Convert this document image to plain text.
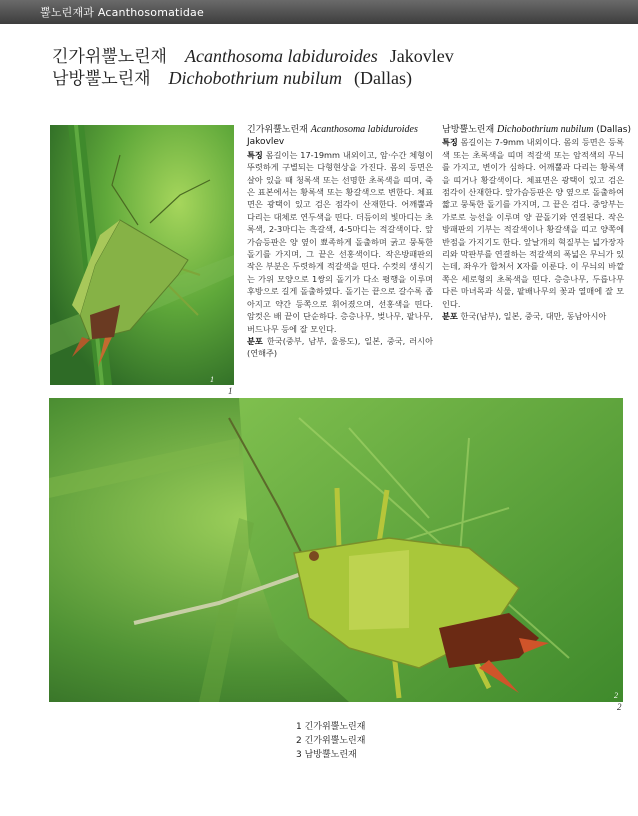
뿔노린재과 Acanthosomatidae
긴가위뿔노린재 Acanthosoma labiduroides Jakovlev
남방뿔노린재 Dichobothrium nubilum (Dallas)
1
2
1
2
긴가위뿔노린재 Acanthosoma labiduroides
Jakovlev

특징 몸길이는 17-19mm 내외이고, 암·수간 체형이 뚜렷하게 구별되는 다형현상을 가진다. 몸의 등면은 살아 있을 때 청록색 또는 선명한 초록색을 띠며, 죽은 표본에서는 황록색 또는 황갈색으로 변한다. 체표면은 광택이 있고 검은 점각이 산재한다. 어깨뿔과 다리는 대체로 연두색을 띤다. 더듬이의 빛마디는 초록색, 2-3마디는 흑갈색, 4-5마디는 적갈색이다. 앞가슴등판은 양 옆이 뾰족하게 돌출하며 굵고 뭉툭한 돌기를 가지며, 그 끝은 선홍색이다. 작은방패판의 작은 부분은 두렷하게 적갈색을 띤다. 수컷의 생식기는 가위 모양으로 1쌍의 돌기가 다소 평행을 이루며 후방으로 길게 돌출하였다. 돌기는 끝으로 갈수록 좁아지고 약간 등쪽으로 휘어졌으며, 선홍색을 띤다. 암컷은 배 끝이 단순하다. 층층나무, 벚나무, 팥나무, 버드나무 등에 잘 모인다.

분포 한국(중부, 남부, 울릉도), 일본, 중국, 러시아(연해주)

남방뿔노린재 Dichobothrium nubilum (Dallas)

특징 몸길이는 7-9mm 내외이다. 몸의 등면은 등록색 또는 초록색을 띠며 적갈색 또는 암적색의 무늬를 가지고, 변이가 심하다. 어깨뿔과 다리는 황록색을 띠거나 황갈색이다. 체표면은 광택이 있고 검은 점각이 산재한다. 앞가슴등판은 양 옆으로 돌출하여 짧고 뭉툭한 돌기를 가지며, 그 끝은 검다. 중앙부는 가로로 능선을 이루며 양 끝돌기와 연결된다. 작은방패판의 기부는 적갈색이나 황갈색을 띠고 양쪽에 반점을 가지기도 한다. 앞날개의 혁질부는 넓가장자리와 막판부를 연결하는 적갈색의 폭넓은 무늬가 있는데, 좌우가 합쳐서 X자를 이룬다. 이 무늬의 바깥쪽은 세로형의 초록색을 띤다. 층층나무, 두릅나무 다른 마녀목과 식물, 팥배나무의 꽃과 열매에 잘 모인다.

분포 한국(남부), 일본, 중국, 대만, 동남아시아

1 긴가위뿔노린재
2 긴가위뿔노린재
3 남방뿔노린재
